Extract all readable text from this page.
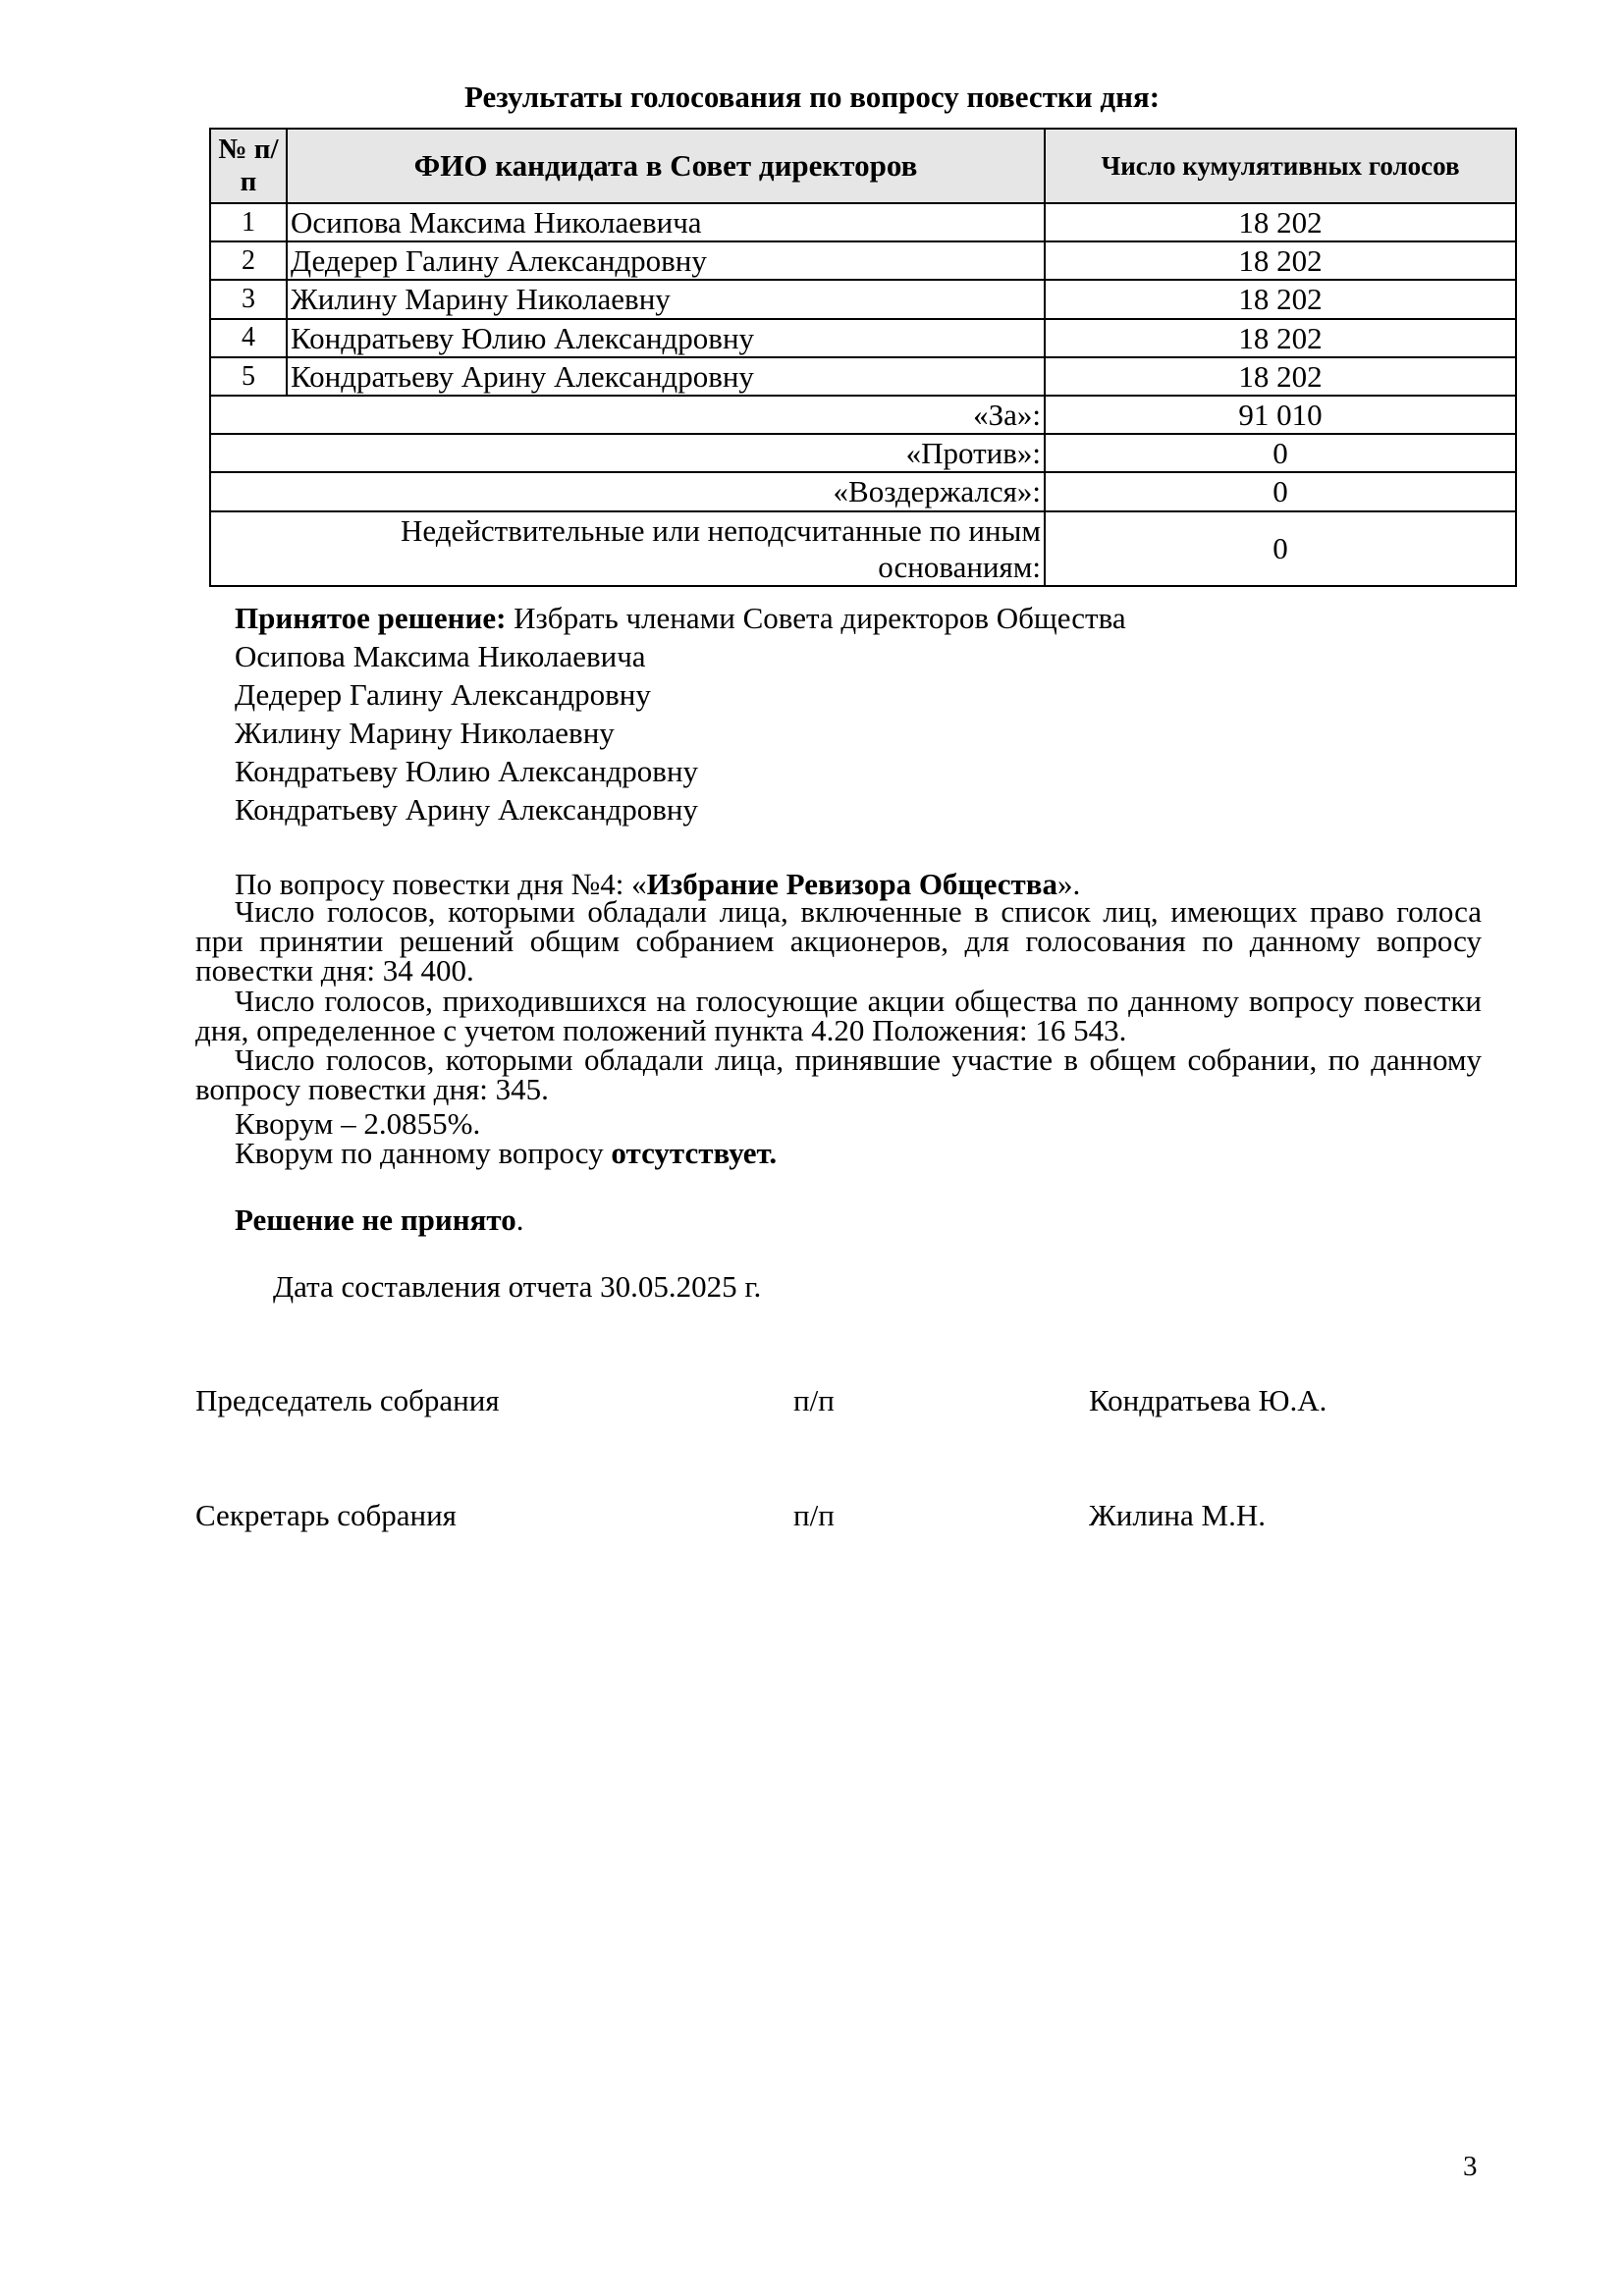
Результаты голосования по вопросу повестки дня:
№ п/п	ФИО кандидата в Совет директоров	Число кумулятивных голосов
1	Осипова Максима Николаевича	18 202
2	Дедерер Галину Александровну	18 202
3	Жилину Марину Николаевну	18 202
4	Кондратьеву Юлию Александровну	18 202
5	Кондратьеву Арину Александровну	18 202
«За»:		91 010
«Против»:		0
«Воздержался»:		0
Недействительные или неподсчитанные по иным
основаниям:		0
Принятое решение: Избрать членами Совета директоров Общества
Осипова Максима Николаевича
Дедерер Галину Александровну
Жилину Марину Николаевну
Кондратьеву Юлию Александровну
Кондратьеву Арину Александровну
По вопросу повестки дня №4: «Избрание Ревизора Общества».
Число голосов, которыми обладали лица, включенные в список лиц, имеющих право голоса при принятии решений общим собранием акционеров, для голосования по данному вопросу повестки дня: 34 400.
Число голосов, приходившихся на голосующие акции общества по данному вопросу повестки дня, определенное с учетом положений пункта 4.20 Положения: 16 543.
Число голосов, которыми обладали лица, принявшие участие в общем собрании, по данному вопросу повестки дня: 345.
Кворум – 2.0855%.
Кворум по данному вопросу отсутствует.
Решение не принято.
Дата составления отчета 30.05.2025 г.
Председатель собрания	п/п	Кондратьева Ю.А.
Секретарь собрания	п/п	Жилина М.Н.
3
